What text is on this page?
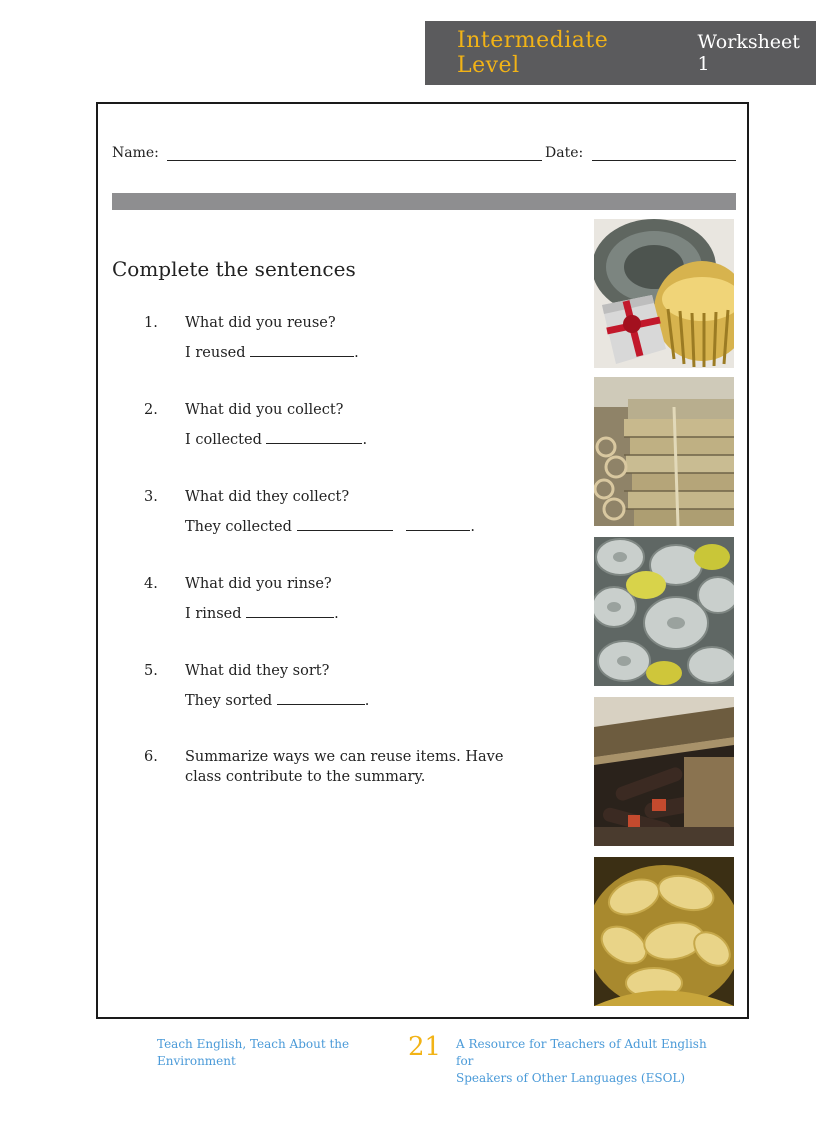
Intermediate Level
Worksheet 1
Name:	Date:
Complete the sentences
1. What did you reuse?
I reused	.
2. What did you collect?
I collected	.
3. What did they collect?
They collected	.
4. What did you rinse?
I rinsed	.
5. What did they sort?
They sorted	.
6. Summarize ways we can reuse items. Have class contribute to the summary.
Teach English, Teach About the Environment	21 A Resource for Teachers of Adult English for
Speakers of Other Languages (ESOL)
